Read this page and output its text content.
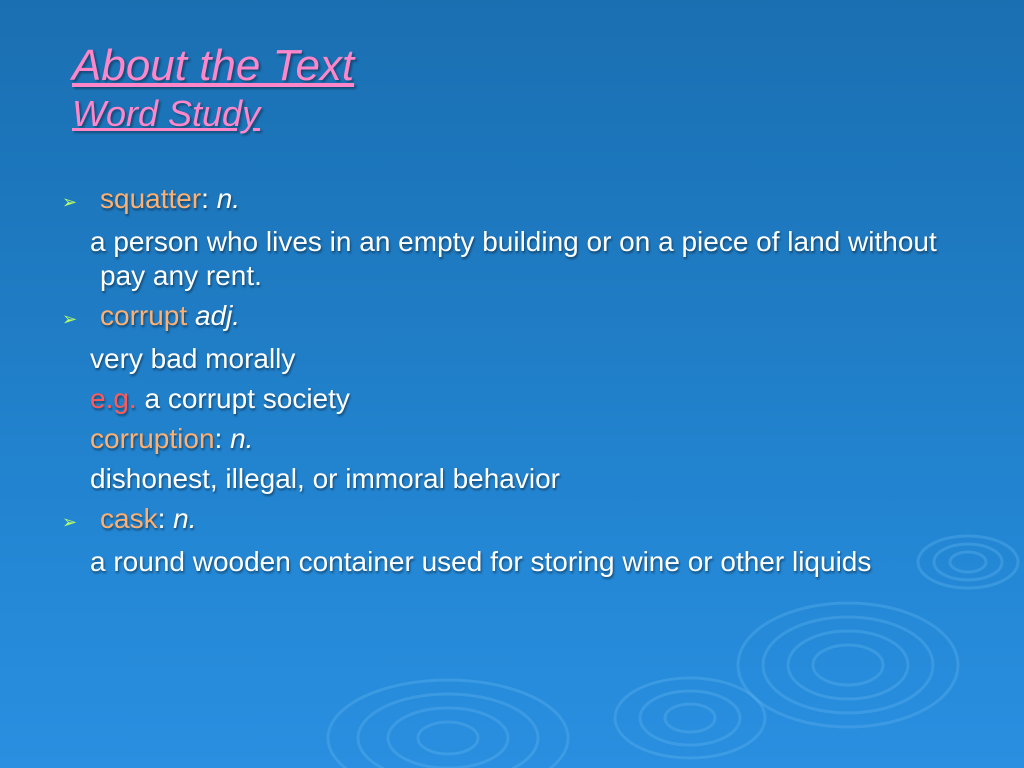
About the Text
Word Study
➢ squatter: n.
a person who lives in an empty building or on a piece of land without pay any rent.
➢ corrupt adj.
very bad morally
e.g. a corrupt society
corruption: n.
dishonest, illegal, or immoral behavior
➢ cask: n.
a round wooden container used for storing wine or other liquids
